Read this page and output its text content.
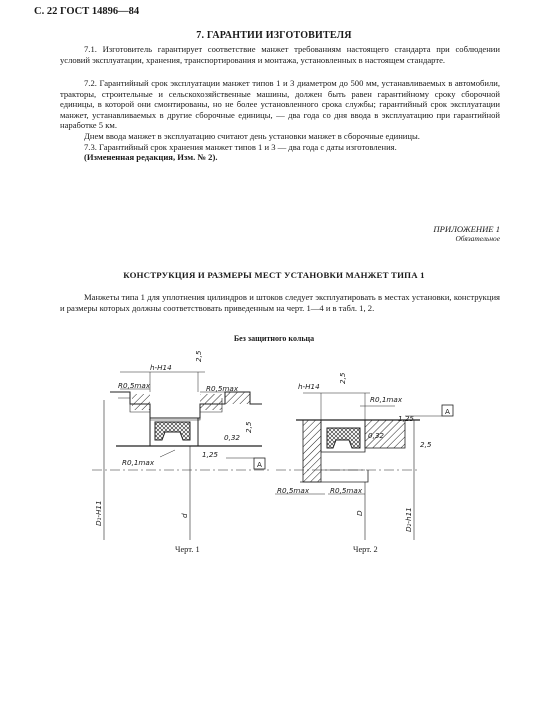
С. 22 ГОСТ 14896—84
7. ГАРАНТИИ ИЗГОТОВИТЕЛЯ

7.1. Изготовитель гарантирует соответствие манжет требованиям настоящего стандарта при соблюдении условий эксплуатации, хранения, транспортирования и монтажа, установленных в настоящем стандарте.

7.2. Гарантийный срок эксплуатации манжет типов 1 и 3 диаметром до 500 мм, устанавливаемых в автомобили, тракторы, строительные и сельскохозяйственные машины, должен быть равен гарантийному сроку сборочной единицы, в которой они смонтированы, но не более установленного срока службы; гарантийный срок эксплуатации манжет, устанавливаемых в другие сборочные единицы, — два года со дня ввода в эксплуатацию при гарантийной наработке 5 км.

Днем ввода манжет в эксплуатацию считают день установки манжет в сборочные единицы.

7.3. Гарантийный срок хранения манжет типов 1 и 3 — два года с даты изготовления.

(Измененная редакция, Изм. № 2).

ПРИЛОЖЕНИЕ 1
Обязательное
КОНСТРУКЦИЯ И РАЗМЕРЫ МЕСТ УСТАНОВКИ МАНЖЕТ ТИПА 1

Манжеты типа 1 для уплотнения цилиндров и штоков следует эксплуатировать в местах установки, конструкция и размеры которых должны соответствовать приведенным на черт. 1—4 и в табл. 1, 2.

Без защитного кольца
h-H14
2,5
R0,5max	R0,5max
R0,1max
0,32
2,5
1,25
A
D₁-H11	d
h-H14
2,5
R0,1max
1,25
A
0,32
2,5
R0,5max	R0,5max
D	D₂-h11
Черт. 1	Черт. 2
